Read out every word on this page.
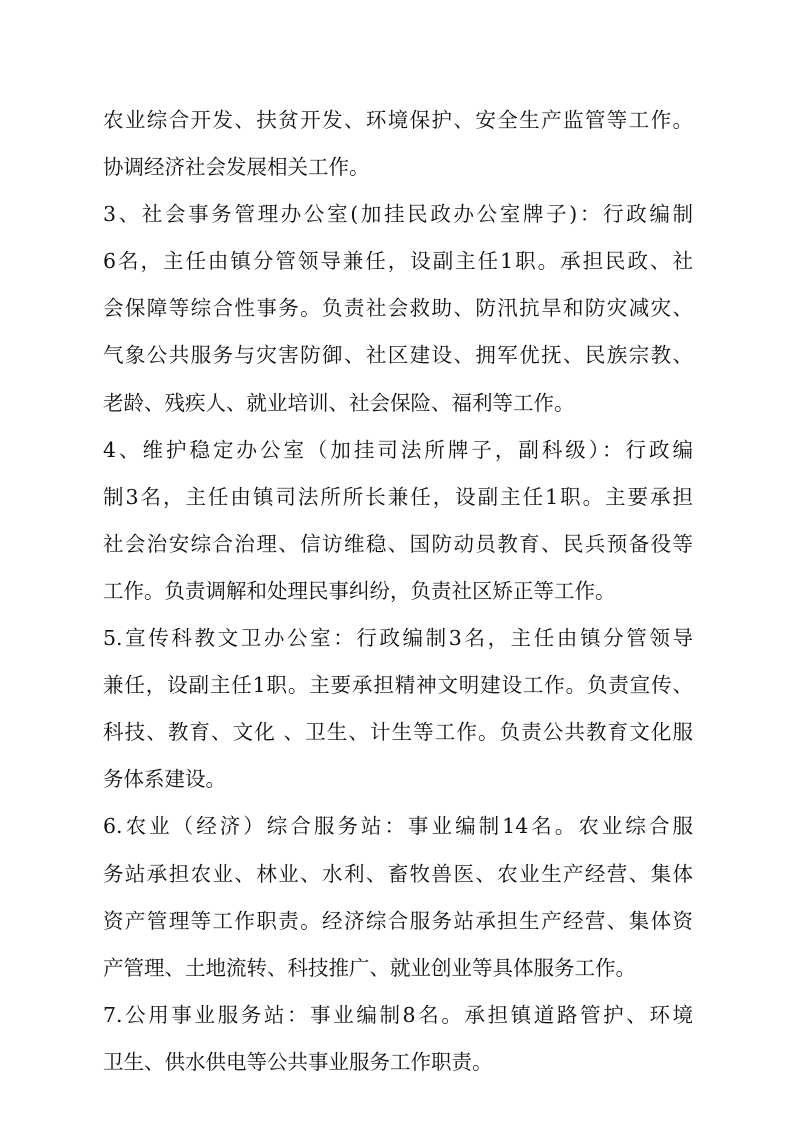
农业综合开发、扶贫开发、环境保护、安全生产监管等工作。
协调经济社会发展相关工作。
3、社会事务管理办公室(加挂民政办公室牌子)：行政编制
6名，主任由镇分管领导兼任，设副主任1职。承担民政、社
会保障等综合性事务。负责社会救助、防汛抗旱和防灾减灾、
气象公共服务与灾害防御、社区建设、拥军优抚、民族宗教、
老龄、残疾人、就业培训、社会保险、福利等工作。
4、维护稳定办公室（加挂司法所牌子，副科级）：行政编
制3名，主任由镇司法所所长兼任，设副主任1职。主要承担
社会治安综合治理、信访维稳、国防动员教育、民兵预备役等
工作。负责调解和处理民事纠纷，负责社区矫正等工作。
5.宣传科教文卫办公室：行政编制3名，主任由镇分管领导
兼任，设副主任1职。主要承担精神文明建设工作。负责宣传、
科技、教育、文化 、卫生、计生等工作。负责公共教育文化服
务体系建设。
6.农业（经济）综合服务站：事业编制14名。农业综合服
务站承担农业、林业、水利、畜牧兽医、农业生产经营、集体
资产管理等工作职责。经济综合服务站承担生产经营、集体资
产管理、土地流转、科技推广、就业创业等具体服务工作。
7.公用事业服务站：事业编制8名。承担镇道路管护、环境
卫生、供水供电等公共事业服务工作职责。
